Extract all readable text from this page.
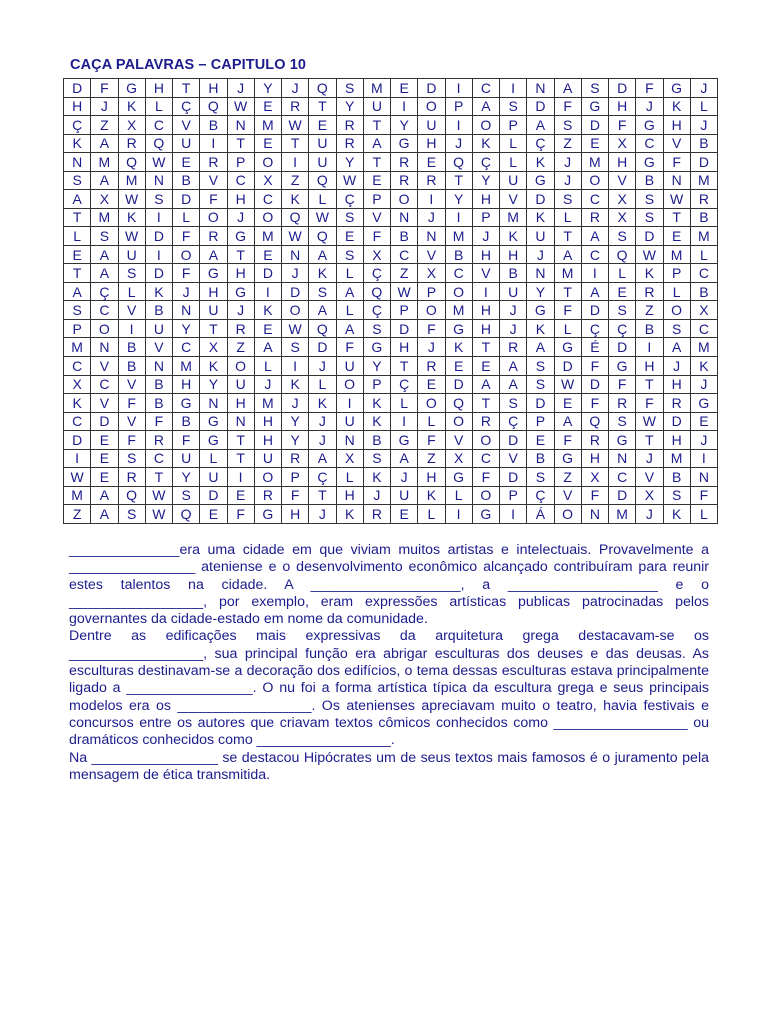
CAÇA PALAVRAS – CAPITULO 10
D	F	G	H	T	H	J	Y	J	Q	S	M	E	D	I	C	I	N	A	S	D	F	G	J
H	J	K	L	Ç	Q	W	E	R	T	Y	U	I	O	P	A	S	D	F	G	H	J	K	L
Ç	Z	X	C	V	B	N	M	W	E	R	T	Y	U	I	O	P	A	S	D	F	G	H	J
K	A	R	Q	U	I	T	E	T	U	R	A	G	H	J	K	L	Ç	Z	E	X	C	V	B
N	M	Q	W	E	R	P	O	I	U	Y	T	R	E	Q	Ç	L	K	J	M	H	G	F	D
S	A	M	N	B	V	C	X	Z	Q	W	E	R	R	T	Y	U	G	J	O	V	B	N	M
A	X	W	S	D	F	H	C	K	L	Ç	P	O	I	Y	H	V	D	S	C	X	S	W	R
T	M	K	I	L	O	J	O	Q	W	S	V	N	J	I	P	M	K	L	R	X	S	T	B
L	S	W	D	F	R	G	M	W	Q	E	F	B	N	M	J	K	U	T	A	S	D	E	M
E	A	U	I	O	A	T	E	N	A	S	X	C	V	B	H	H	J	A	C	Q	W	M	L
T	A	S	D	F	G	H	D	J	K	L	Ç	Z	X	C	V	B	N	M	I	L	K	P	C
A	Ç	L	K	J	H	G	I	D	S	A	Q	W	P	O	I	U	Y	T	A	E	R	L	B
S	C	V	B	N	U	J	K	O	A	L	Ç	P	O	M	H	J	G	F	D	S	Z	O	X
P	O	I	U	Y	T	R	E	W	Q	A	S	D	F	G	H	J	K	L	Ç	Ç	B	S	C
M	N	B	V	C	X	Z	A	S	D	F	G	H	J	K	T	R	A	G	É	D	I	A	M
C	V	B	N	M	K	O	L	I	J	U	Y	T	R	E	E	A	S	D	F	G	H	J	K
X	C	V	B	H	Y	U	J	K	L	O	P	Ç	E	D	A	A	S	W	D	F	T	H	J
K	V	F	B	G	N	H	M	J	K	I	K	L	O	Q	T	S	D	E	F	R	F	R	G
C	D	V	F	B	G	N	H	Y	J	U	K	I	L	O	R	Ç	P	A	Q	S	W	D	E
D	E	F	R	F	G	T	H	Y	J	N	B	G	F	V	O	D	E	F	R	G	T	H	J
I	E	S	C	U	L	T	U	R	A	X	S	A	Z	X	C	V	B	G	H	N	J	M	I
W	E	R	T	Y	U	I	O	P	Ç	L	K	J	H	G	F	D	S	Z	X	C	V	B	N
M	A	Q	W	S	D	E	R	F	T	H	J	U	K	L	O	P	Ç	V	F	D	X	S	F
Z	A	S	W	Q	E	F	G	H	J	K	R	E	L	I	G	I	Á	O	N	M	J	K	L

______________era uma cidade em que viviam muitos artistas e intelectuais. Provavelmente a ________________ ateniense e o desenvolvimento econômico alcançado contribuíram para reunir estes talentos na cidade. A ___________________, a ___________________ e o _________________, por exemplo, eram expressões artísticas publicas patrocinadas pelos governantes da cidade-estado em nome da comunidade.

Dentre as edificações mais expressivas da arquitetura grega destacavam-se os _________________, sua principal função era abrigar esculturas dos deuses e das deusas. As esculturas destinavam-se a decoração dos edifícios, o tema dessas esculturas estava principalmente ligado a ________________. O nu foi a forma artística típica da escultura grega e seus principais modelos era os _________________. Os atenienses apreciavam muito o teatro, havia festivais e concursos entre os autores que criavam textos cômicos conhecidos como _________________ ou dramáticos conhecidos como _________________.

Na ________________ se destacou Hipócrates um de seus textos mais famosos é o juramento pela mensagem de ética transmitida.
